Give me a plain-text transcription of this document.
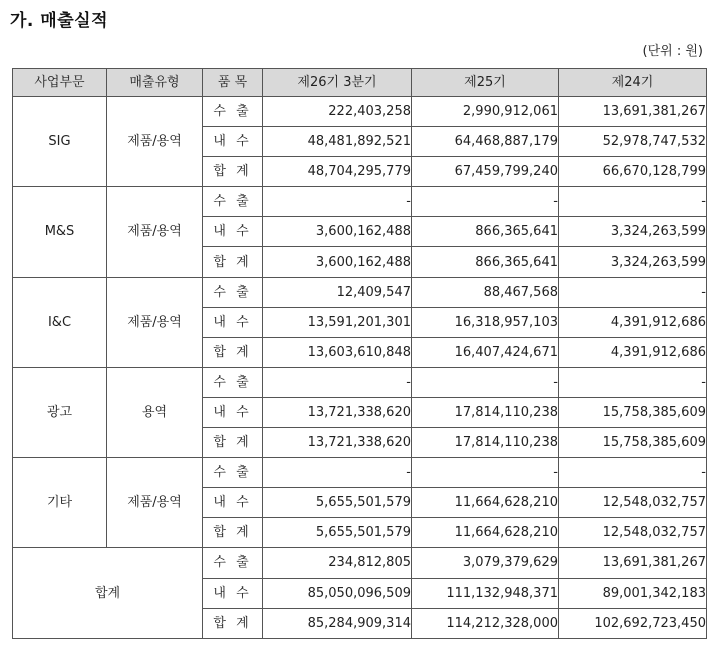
가. 매출실적
(단위 : 원)
사업부문	매출유형	품 목	제26기 3분기	제25기	제24기
SIG	제품/용역	수 출	222,403,258	2,990,912,061	13,691,381,267
		내 수	48,481,892,521	64,468,887,179	52,978,747,532
		합 계	48,704,295,779	67,459,799,240	66,670,128,799
M&S	제품/용역	수 출	-	-	-
		내 수	3,600,162,488	866,365,641	3,324,263,599
		합 계	3,600,162,488	866,365,641	3,324,263,599
I&C	제품/용역	수 출	12,409,547	88,467,568	-
		내 수	13,591,201,301	16,318,957,103	4,391,912,686
		합 계	13,603,610,848	16,407,424,671	4,391,912,686
광고	용역	수 출	-	-	-
		내 수	13,721,338,620	17,814,110,238	15,758,385,609
		합 계	13,721,338,620	17,814,110,238	15,758,385,609
기타	제품/용역	수 출	-	-	-
		내 수	5,655,501,579	11,664,628,210	12,548,032,757
		합 계	5,655,501,579	11,664,628,210	12,548,032,757
합계		수 출	234,812,805	3,079,379,629	13,691,381,267
		내 수	85,050,096,509	111,132,948,371	89,001,342,183
		합 계	85,284,909,314	114,212,328,000	102,692,723,450
